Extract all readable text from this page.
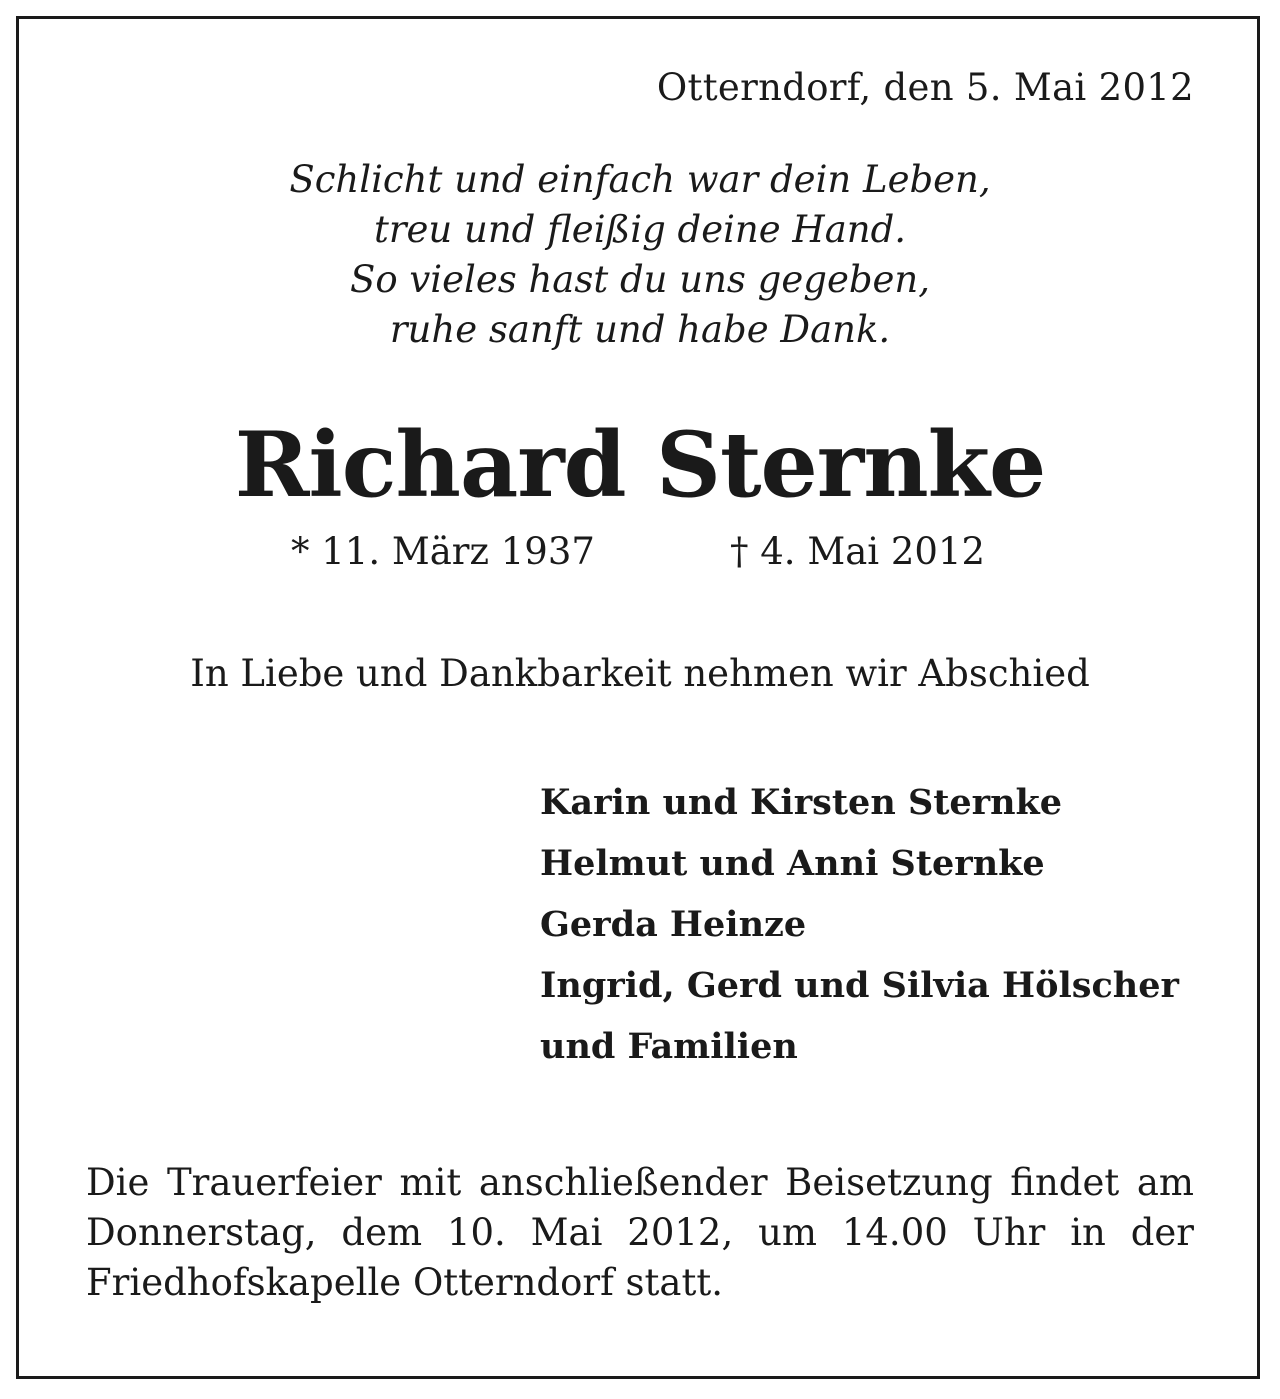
Otterndorf, den 5. Mai 2012
Schlicht und einfach war dein Leben,
treu und fleißig deine Hand.
So vieles hast du uns gegeben,
ruhe sanft und habe Dank.
Richard Sternke
* 11. März 1937	† 4. Mai 2012
In Liebe und Dankbarkeit nehmen wir Abschied
Karin und Kirsten Sternke
Helmut und Anni Sternke
Gerda Heinze
Ingrid, Gerd und Silvia Hölscher
und Familien
Die Trauerfeier mit anschließender Beisetzung findet am Donnerstag, dem 10. Mai 2012, um 14.00 Uhr in der Friedhofskapelle Otterndorf statt.
